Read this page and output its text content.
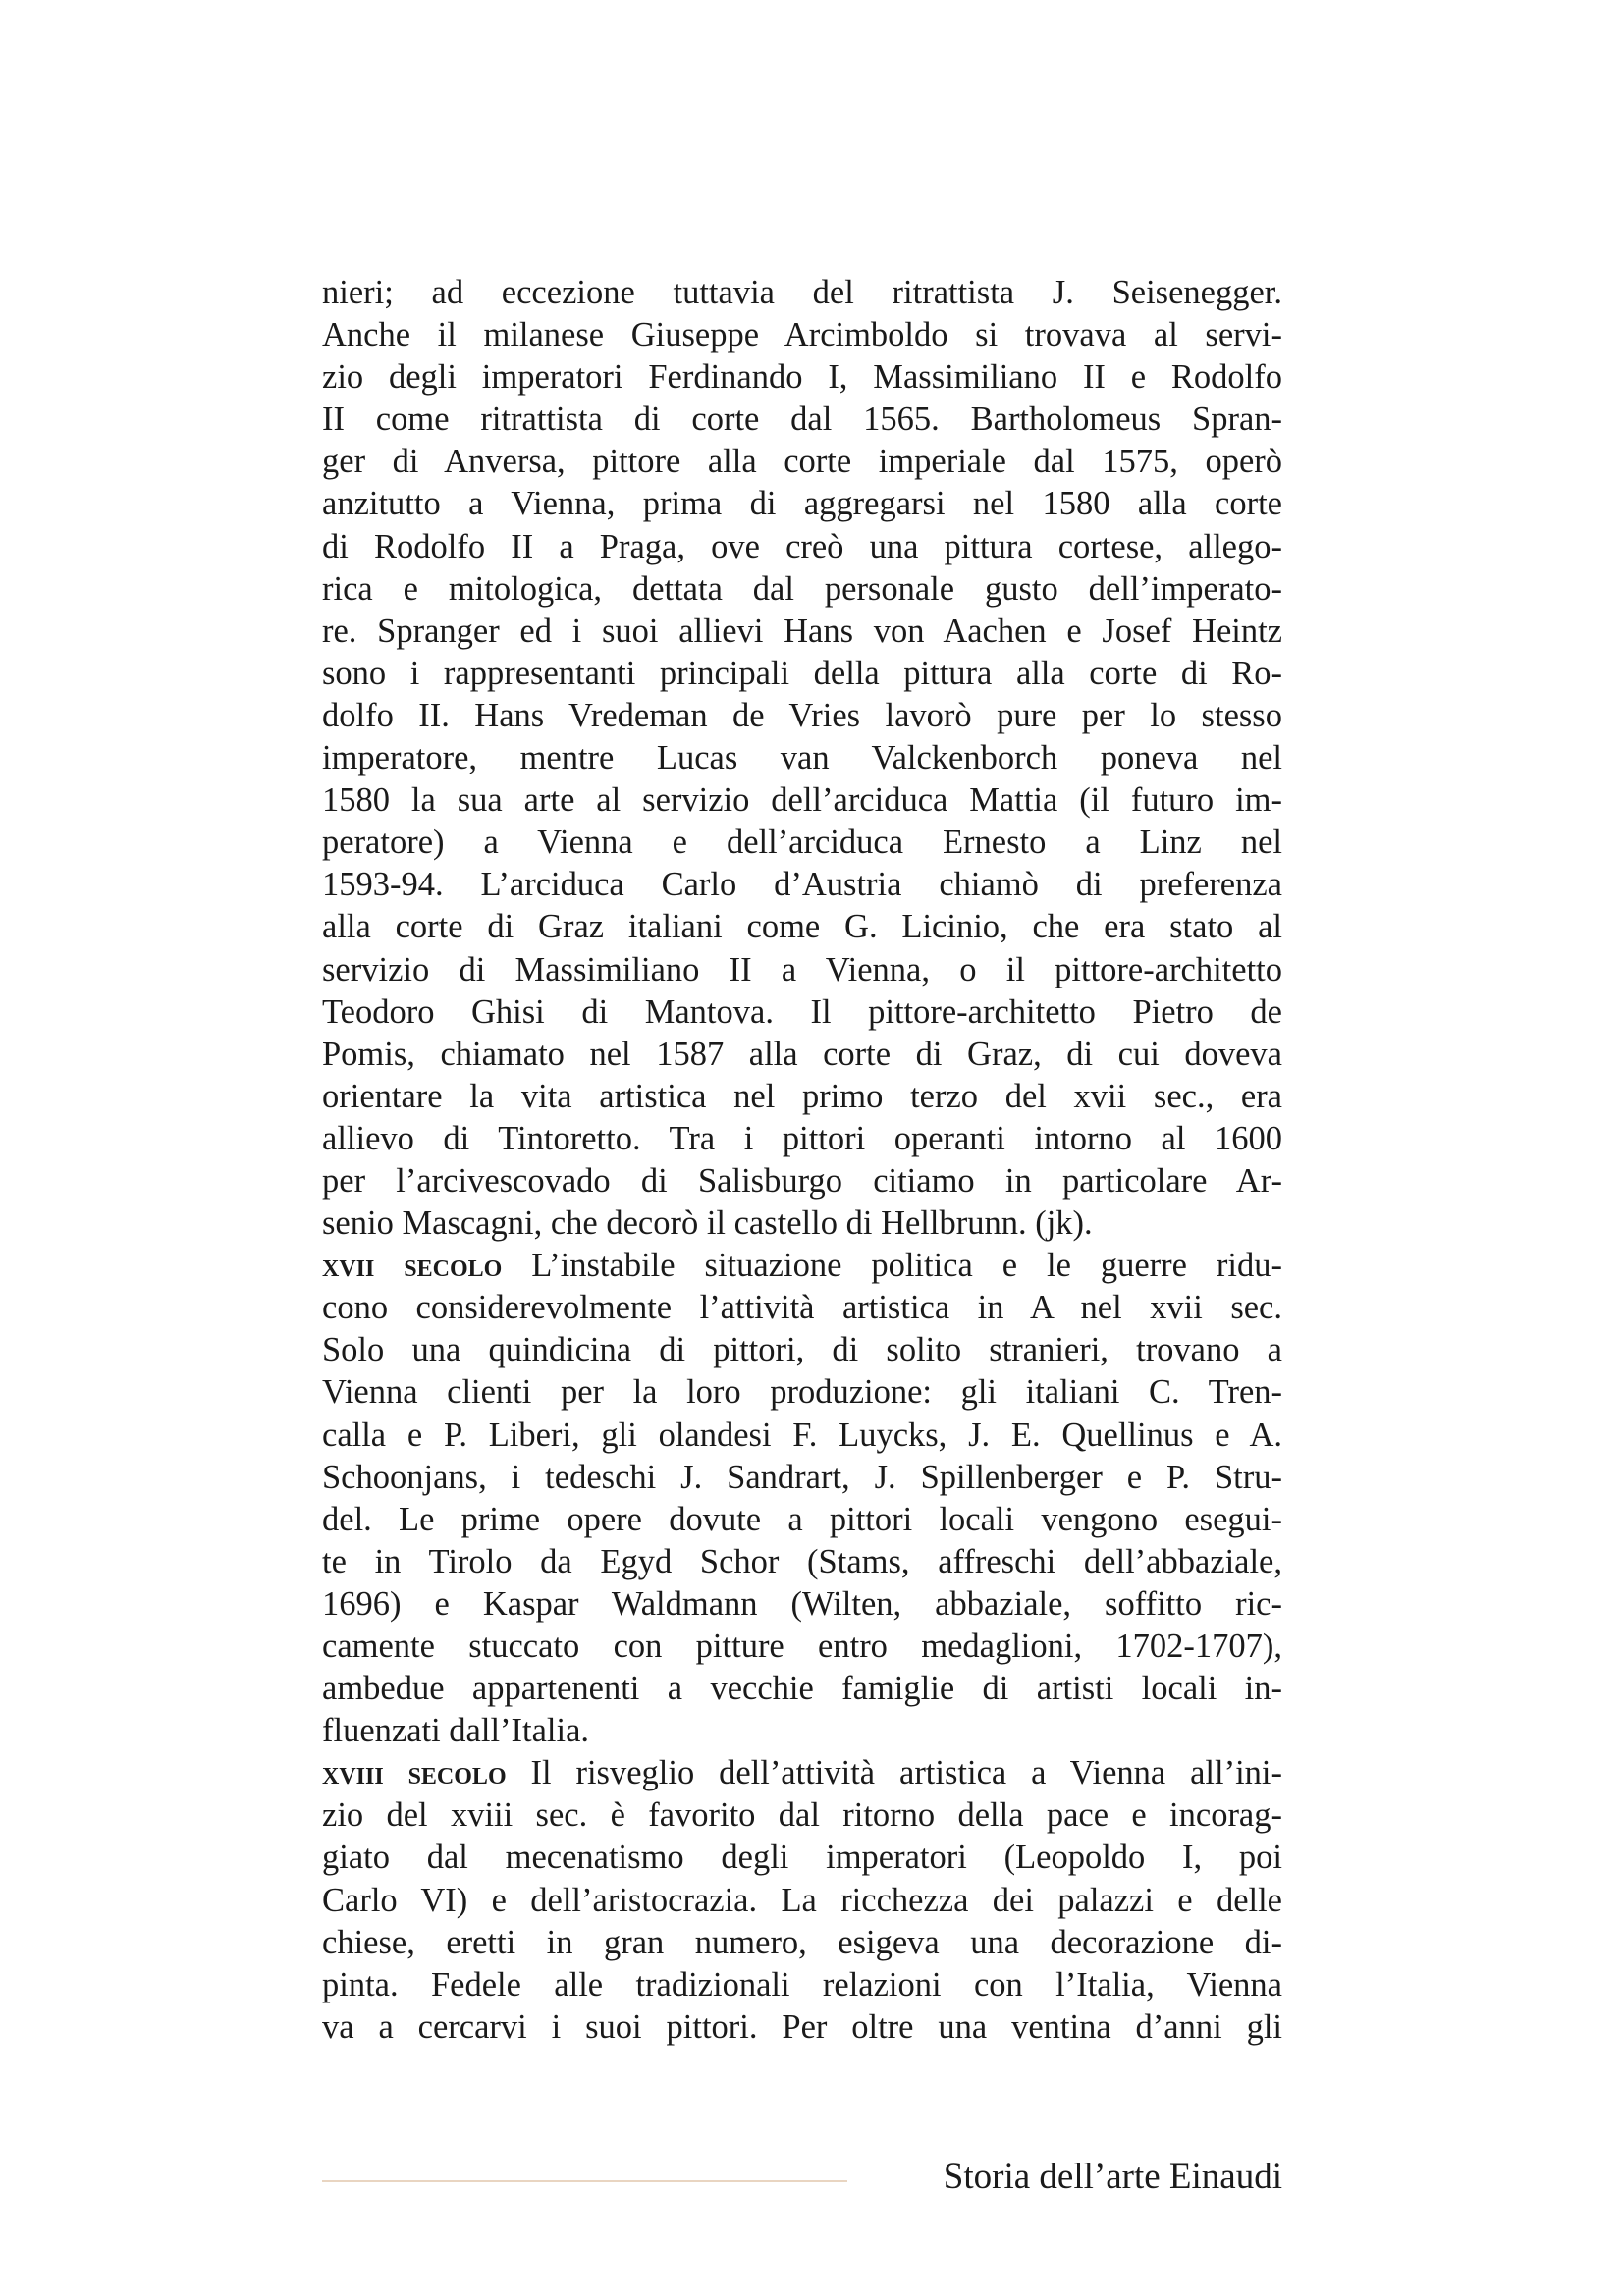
nieri; ad eccezione tuttavia del ritrattista J. Seisenegger.
Anche il milanese Giuseppe Arcimboldo si trovava al servi-
zio degli imperatori Ferdinando I, Massimiliano II e Rodolfo
II come ritrattista di corte dal 1565. Bartholomeus Spran-
ger di Anversa, pittore alla corte imperiale dal 1575, operò
anzitutto a Vienna, prima di aggregarsi nel 1580 alla corte
di Rodolfo II a Praga, ove creò una pittura cortese, allego-
rica e mitologica, dettata dal personale gusto dell’imperato-
re. Spranger ed i suoi allievi Hans von Aachen e Josef Heintz
sono i rappresentanti principali della pittura alla corte di Ro-
dolfo II. Hans Vredeman de Vries lavorò pure per lo stesso
imperatore, mentre Lucas van Valckenborch poneva nel
1580 la sua arte al servizio dell’arciduca Mattia (il futuro im-
peratore) a Vienna e dell’arciduca Ernesto a Linz nel
1593-94. L’arciduca Carlo d’Austria chiamò di preferenza
alla corte di Graz italiani come G. Licinio, che era stato al
servizio di Massimiliano II a Vienna, o il pittore-architetto
Teodoro Ghisi di Mantova. Il pittore-architetto Pietro de
Pomis, chiamato nel 1587 alla corte di Graz, di cui doveva
orientare la vita artistica nel primo terzo del xvii sec., era
allievo di Tintoretto. Tra i pittori operanti intorno al 1600
per l’arcivescovado di Salisburgo citiamo in particolare Ar-
senio Mascagni, che decorò il castello di Hellbrunn. (jk).
xvii secolo L’instabile situazione politica e le guerre ridu-
cono considerevolmente l’attività artistica in A nel xvii sec.
Solo una quindicina di pittori, di solito stranieri, trovano a
Vienna clienti per la loro produzione: gli italiani C. Tren-
calla e P. Liberi, gli olandesi F. Luycks, J. E. Quellinus e A.
Schoonjans, i tedeschi J. Sandrart, J. Spillenberger e P. Stru-
del. Le prime opere dovute a pittori locali vengono esegui-
te in Tirolo da Egyd Schor (Stams, affreschi dell’abbaziale,
1696) e Kaspar Waldmann (Wilten, abbaziale, soffitto ric-
camente stuccato con pitture entro medaglioni, 1702-1707),
ambedue appartenenti a vecchie famiglie di artisti locali in-
fluenzati dall’Italia.
xviii secolo Il risveglio dell’attività artistica a Vienna all’ini-
zio del xviii sec. è favorito dal ritorno della pace e incorag-
giato dal mecenatismo degli imperatori (Leopoldo I, poi
Carlo VI) e dell’aristocrazia. La ricchezza dei palazzi e delle
chiese, eretti in gran numero, esigeva una decorazione di-
pinta. Fedele alle tradizionali relazioni con l’Italia, Vienna
va a cercarvi i suoi pittori. Per oltre una ventina d’anni gli
Storia dell’arte Einaudi
